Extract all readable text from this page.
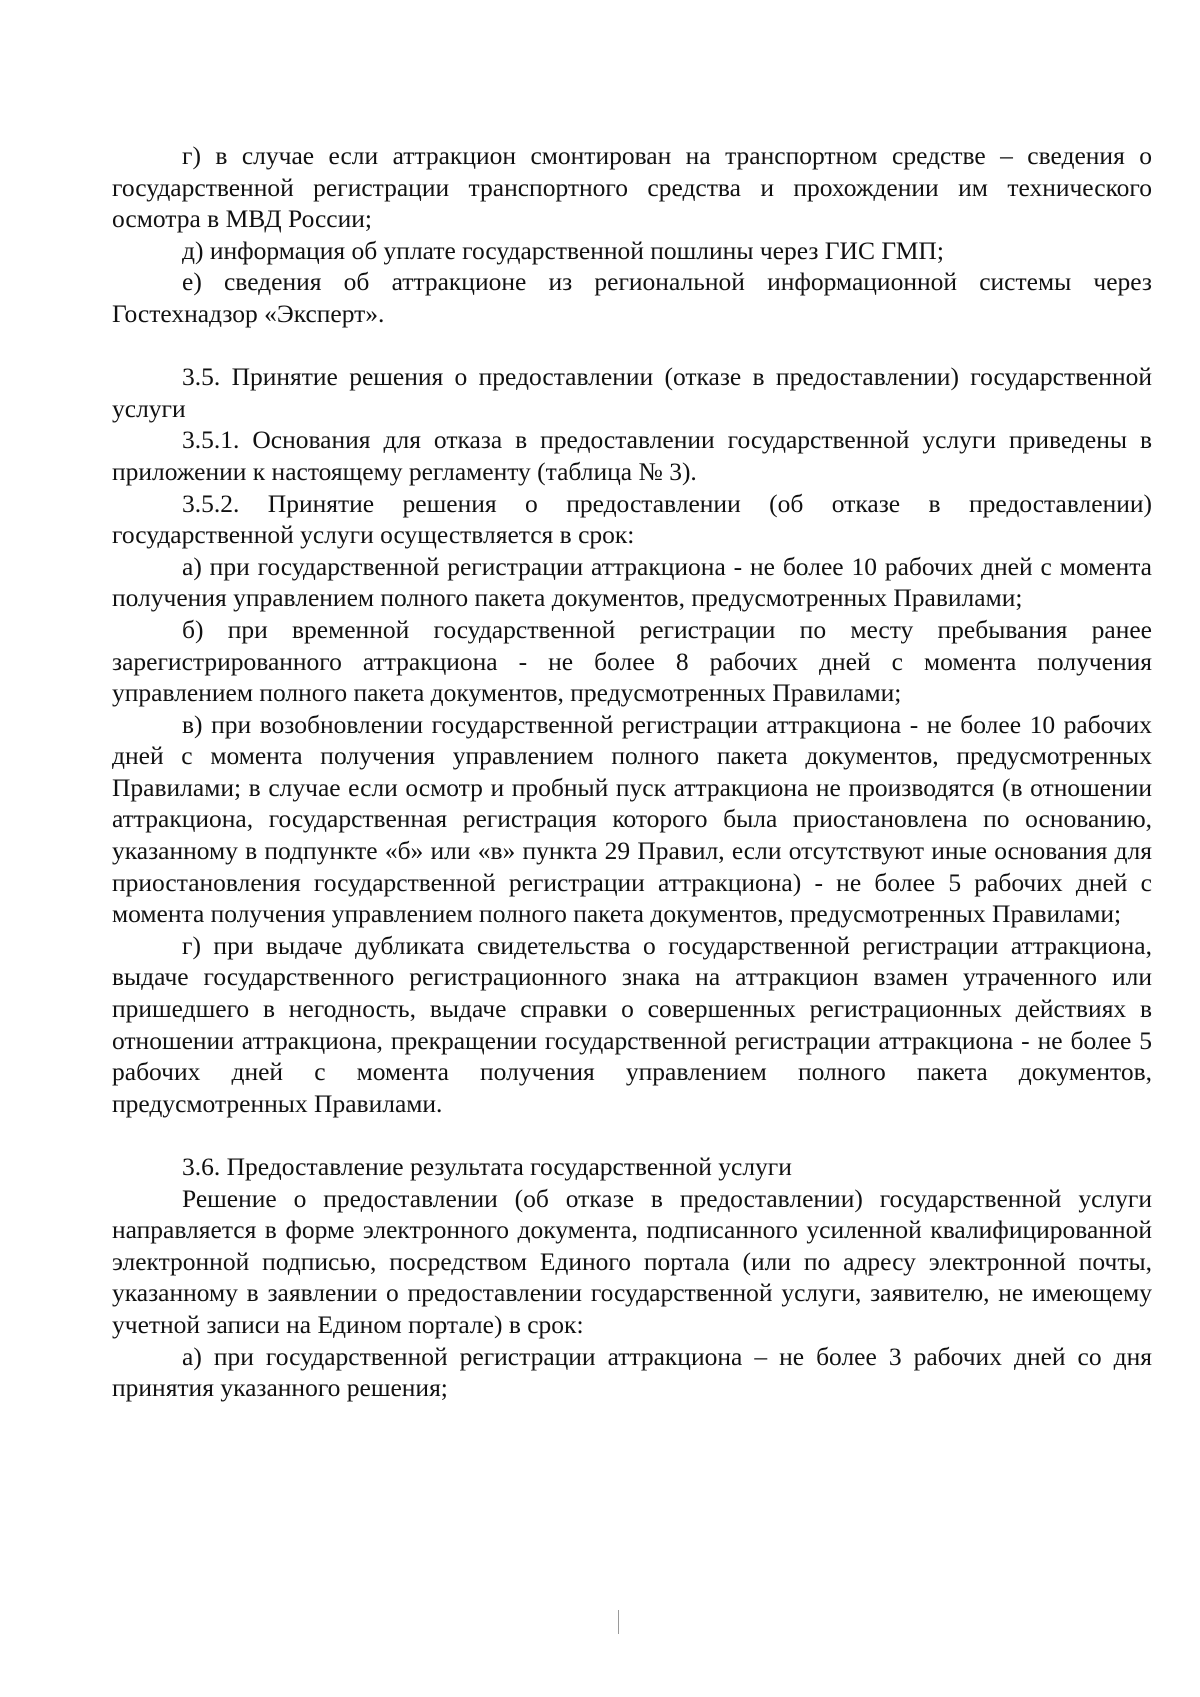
г) в случае если аттракцион смонтирован на транспортном средстве – сведения о государственной регистрации транспортного средства и прохождении им технического осмотра в МВД России;

д) информация об уплате государственной пошлины через ГИС ГМП;

е) сведения об аттракционе из региональной информационной системы через Гостехнадзор «Эксперт».

3.5. Принятие решения о предоставлении (отказе в предоставлении) государственной услуги

3.5.1. Основания для отказа в предоставлении государственной услуги приведены в приложении к настоящему регламенту (таблица № 3).

3.5.2. Принятие решения о предоставлении (об отказе в предоставлении) государственной услуги осуществляется в срок:

а) при государственной регистрации аттракциона - не более 10 рабочих дней с момента получения управлением полного пакета документов, предусмотренных Правилами;

б) при временной государственной регистрации по месту пребывания ранее зарегистрированного аттракциона - не более 8 рабочих дней с момента получения управлением полного пакета документов, предусмотренных Правилами;

в) при возобновлении государственной регистрации аттракциона - не более 10 рабочих дней с момента получения управлением полного пакета документов, предусмотренных Правилами; в случае если осмотр и пробный пуск аттракциона не производятся (в отношении аттракциона, государственная регистрация которого была приостановлена по основанию, указанному в подпункте «б» или «в» пункта 29 Правил, если отсутствуют иные основания для приостановления государственной регистрации аттракциона) - не более 5 рабочих дней с момента получения управлением полного пакета документов, предусмотренных Правилами;

г) при выдаче дубликата свидетельства о государственной регистрации аттракциона, выдаче государственного регистрационного знака на аттракцион взамен утраченного или пришедшего в негодность, выдаче справки о совершенных регистрационных действиях в отношении аттракциона, прекращении государственной регистрации аттракциона - не более 5 рабочих дней с момента получения управлением полного пакета документов, предусмотренных Правилами.

3.6. Предоставление результата государственной услуги

Решение о предоставлении (об отказе в предоставлении) государственной услуги направляется в форме электронного документа, подписанного усиленной квалифицированной электронной подписью, посредством Единого портала (или по адресу электронной почты, указанному в заявлении о предоставлении государственной услуги, заявителю, не имеющему учетной записи на Едином портале) в срок:

а) при государственной регистрации аттракциона – не более 3 рабочих дней со дня принятия указанного решения;
